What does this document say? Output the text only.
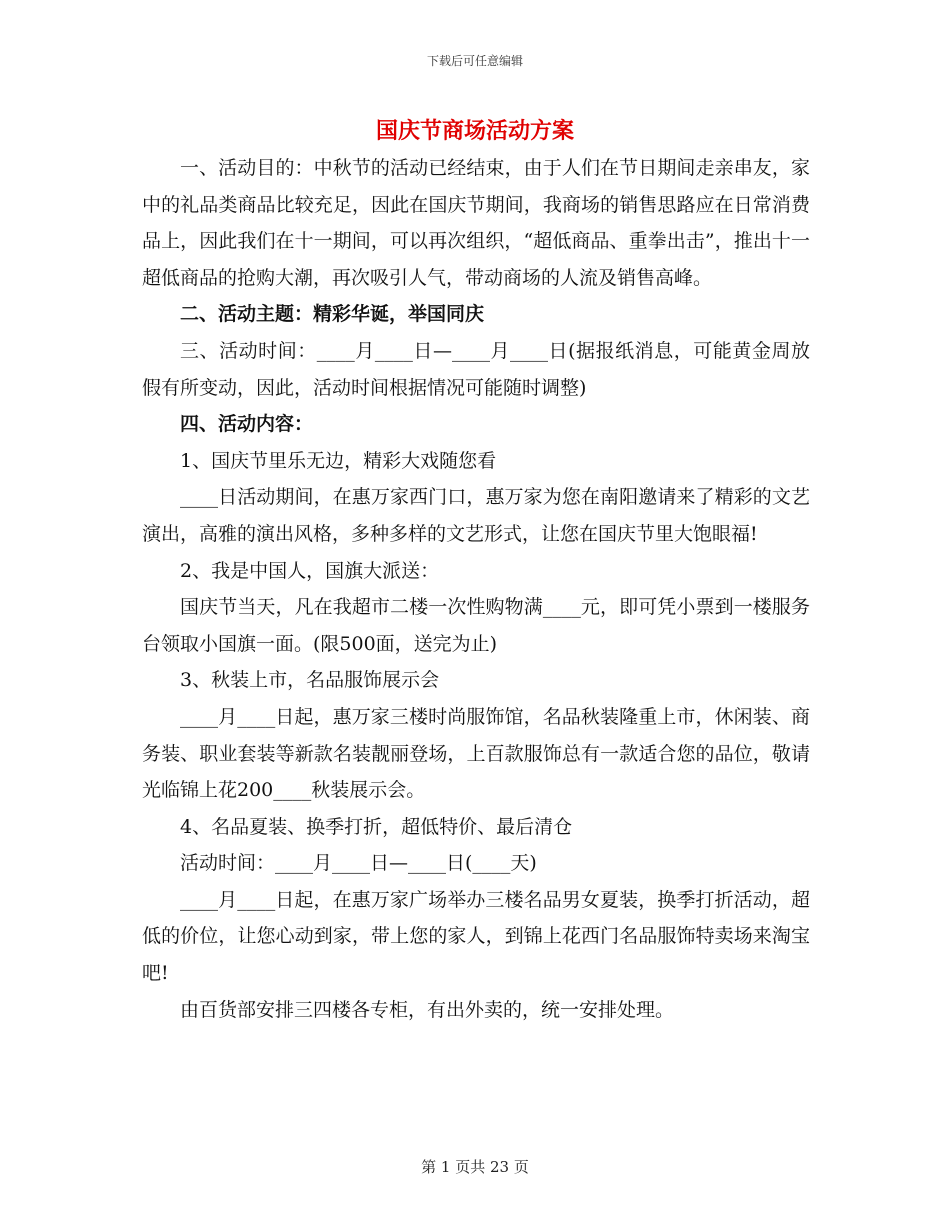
下载后可任意编辑
国庆节商场活动方案

一、活动目的：中秋节的活动已经结束，由于人们在节日期间走亲串友，家中的礼品类商品比较充足，因此在国庆节期间，我商场的销售思路应在日常消费品上，因此我们在十一期间，可以再次组织，“超低商品、重拳出击”，推出十一超低商品的抢购大潮，再次吸引人气，带动商场的人流及销售高峰。

二、活动主题：精彩华诞，举国同庆

三、活动时间：____月____日—____月____日(据报纸消息，可能黄金周放假有所变动，因此，活动时间根据情况可能随时调整)

四、活动内容：

1、国庆节里乐无边，精彩大戏随您看

____日活动期间，在惠万家西门口，惠万家为您在南阳邀请来了精彩的文艺演出，高雅的演出风格，多种多样的文艺形式，让您在国庆节里大饱眼福!

2、我是中国人，国旗大派送：

国庆节当天，凡在我超市二楼一次性购物满____元，即可凭小票到一楼服务台领取小国旗一面。(限500面，送完为止)

3、秋装上市，名品服饰展示会

____月____日起，惠万家三楼时尚服饰馆，名品秋装隆重上市，休闲装、商务装、职业套装等新款名装靓丽登场，上百款服饰总有一款适合您的品位，敬请光临锦上花200____秋装展示会。

4、名品夏装、换季打折，超低特价、最后清仓

活动时间：____月____日—____日(____天)

____月____日起，在惠万家广场举办三楼名品男女夏装，换季打折活动，超低的价位，让您心动到家，带上您的家人，到锦上花西门名品服饰特卖场来淘宝吧!

由百货部安排三四楼各专柜，有出外卖的，统一安排处理。

第 1 页共 23 页
